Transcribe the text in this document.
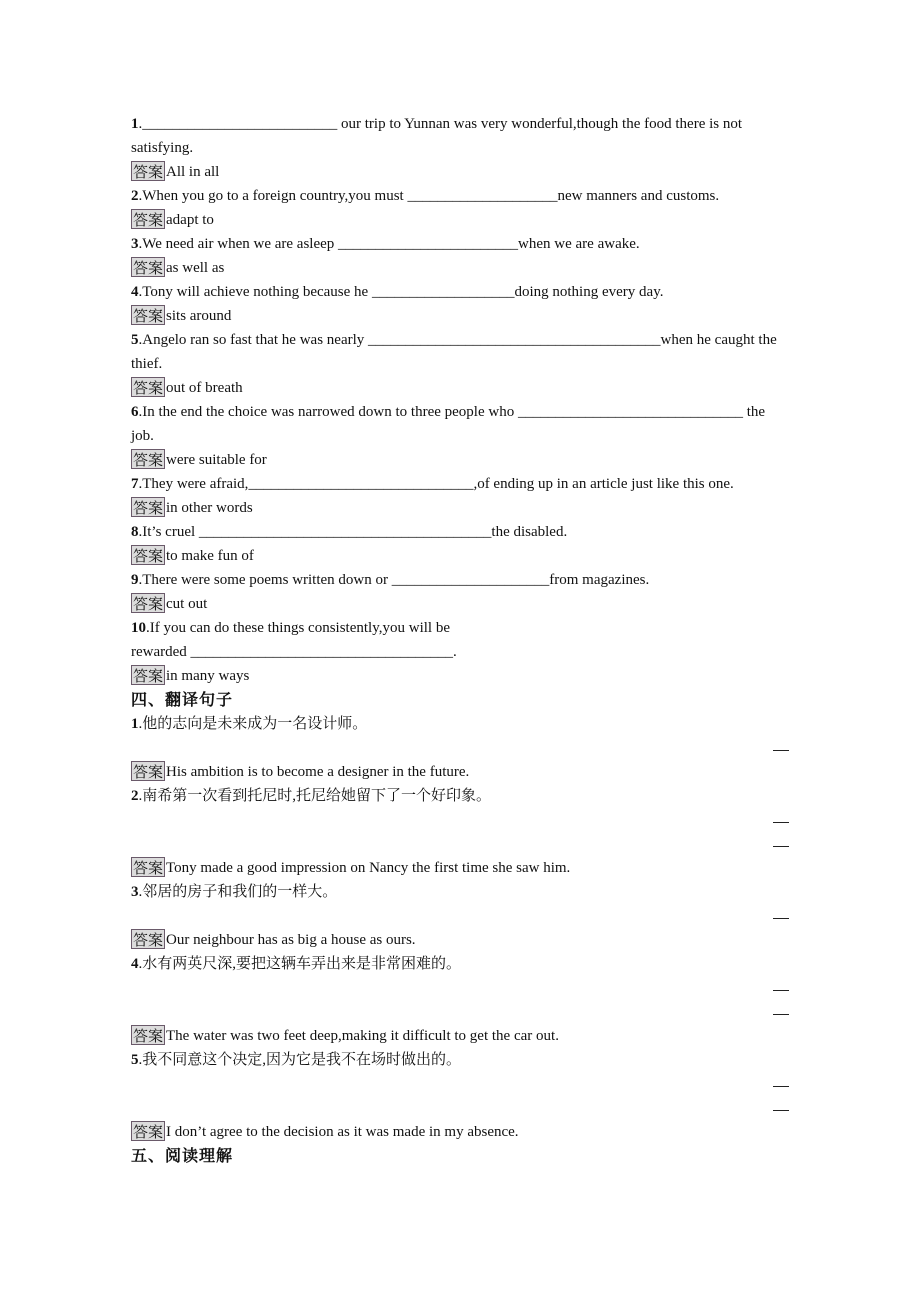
1.__________________________ our trip to Yunnan was very wonderful,though the food there is not satisfying.
答案 All in all
2.When you go to a foreign country,you must ____________________new manners and customs.
答案 adapt to
3.We need air when we are asleep ________________________when we are awake.
答案 as well as
4.Tony will achieve nothing because he ___________________doing nothing every day.
答案 sits around
5.Angelo ran so fast that he was nearly _______________________________________when he caught the thief.
答案 out of breath
6.In the end the choice was narrowed down to three people who ______________________________ the job.
答案 were suitable for
7.They were afraid,______________________________,of ending up in an article just like this one.
答案 in other words
8.It’s cruel _______________________________________the disabled.
答案 to make fun of
9.There were some poems written down or _____________________from magazines.
答案 cut out
10.If you can do these things consistently,you will be
rewarded ___________________________________.
答案 in many ways
四、翻译句子
1.他的志向是未来成为一名设计师。
答案 His ambition is to become a designer in the future.
2.南希第一次看到托尼时,托尼给她留下了一个好印象。
答案 Tony made a good impression on Nancy the first time she saw him.
3.邻居的房子和我们的一样大。
答案 Our neighbour has as big a house as ours.
4.水有两英尺深,要把这辆车弄出来是非常困难的。
答案 The water was two feet deep,making it difficult to get the car out.
5.我不同意这个决定,因为它是我不在场时做出的。
答案 I don’t agree to the decision as it was made in my absence.
五、阅读理解
